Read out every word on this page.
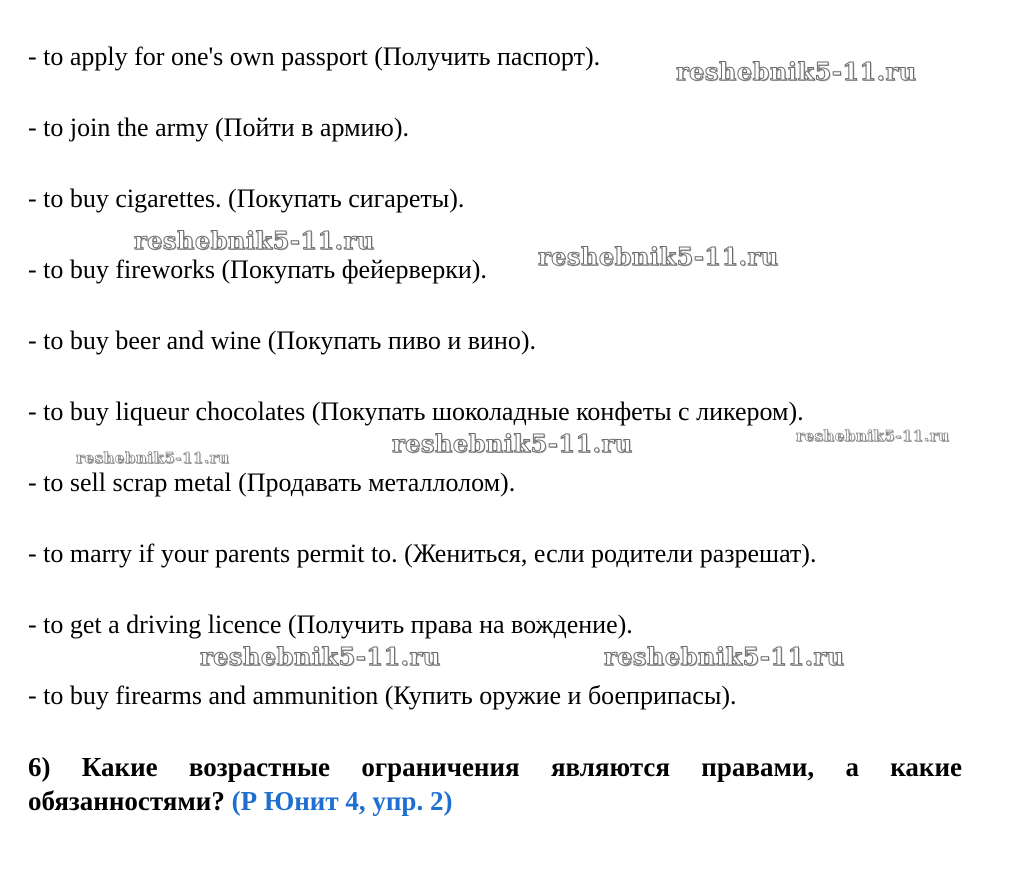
- to apply for one's own passport (Получить паспорт).
- to join the army (Пойти в армию).
- to buy cigarettes. (Покупать сигареты).
- to buy fireworks (Покупать фейерверки).
- to buy beer and wine (Покупать пиво и вино).
- to buy liqueur chocolates (Покупать шоколадные конфеты с ликером).
- to sell scrap metal (Продавать металлолом).
- to marry if your parents permit to. (Жениться, если родители разрешат).
- to get a driving licence (Получить права на вождение).
- to buy firearms and ammunition (Купить оружие и боеприпасы).
reshebnik5-11.ru
reshebnik5-11.ru
reshebnik5-11.ru
reshebnik5-11.ru	reshebnik5-11.ru
reshebnik5-11.ru
reshebnik5-11.ru	reshebnik5-11.ru
6) Какие возрастные ограничения являются правами, а какие обязанностями? (Р Юнит 4, упр. 2)
